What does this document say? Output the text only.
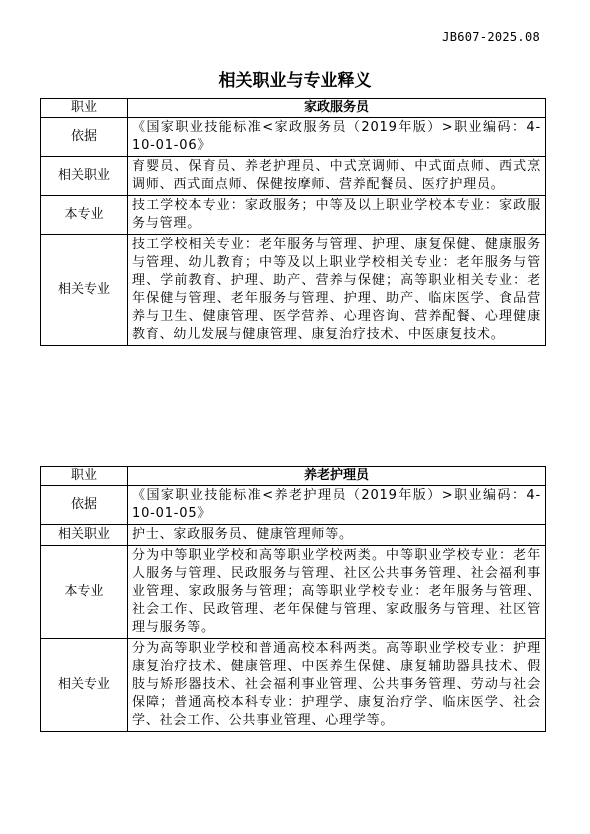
JB607-2025.08
相关职业与专业释义
职业	家政服务员
依据	《国家职业技能标准<家政服务员（2019年版）>职业编码：4-10-01-06》
相关职业	育婴员、保育员、养老护理员、中式烹调师、中式面点师、西式烹调师、西式面点师、保健按摩师、营养配餐员、医疗护理员。
本专业	技工学校本专业：家政服务；中等及以上职业学校本专业：家政服务与管理。
相关专业	技工学校相关专业：老年服务与管理、护理、康复保健、健康服务与管理、幼儿教育；中等及以上职业学校相关专业：老年服务与管理、学前教育、护理、助产、营养与保健；高等职业相关专业：老年保健与管理、老年服务与管理、护理、助产、临床医学、食品营养与卫生、健康管理、医学营养、心理咨询、营养配餐、心理健康教育、幼儿发展与健康管理、康复治疗技术、中医康复技术。
职业	养老护理员
依据	《国家职业技能标准<养老护理员（2019年版）>职业编码：4-10-01-05》
相关职业	护士、家政服务员、健康管理师等。
本专业	分为中等职业学校和高等职业学校两类。中等职业学校专业：老年人服务与管理、民政服务与管理、社区公共事务管理、社会福利事业管理、家政服务与管理；高等职业学校专业：老年服务与管理、社会工作、民政管理、老年保健与管理、家政服务与管理、社区管理与服务等。
相关专业	分为高等职业学校和普通高校本科两类。高等职业学校专业：护理康复治疗技术、健康管理、中医养生保健、康复辅助器具技术、假肢与矫形器技术、社会福利事业管理、公共事务管理、劳动与社会保障；普通高校本科专业：护理学、康复治疗学、临床医学、社会学、社会工作、公共事业管理、心理学等。
